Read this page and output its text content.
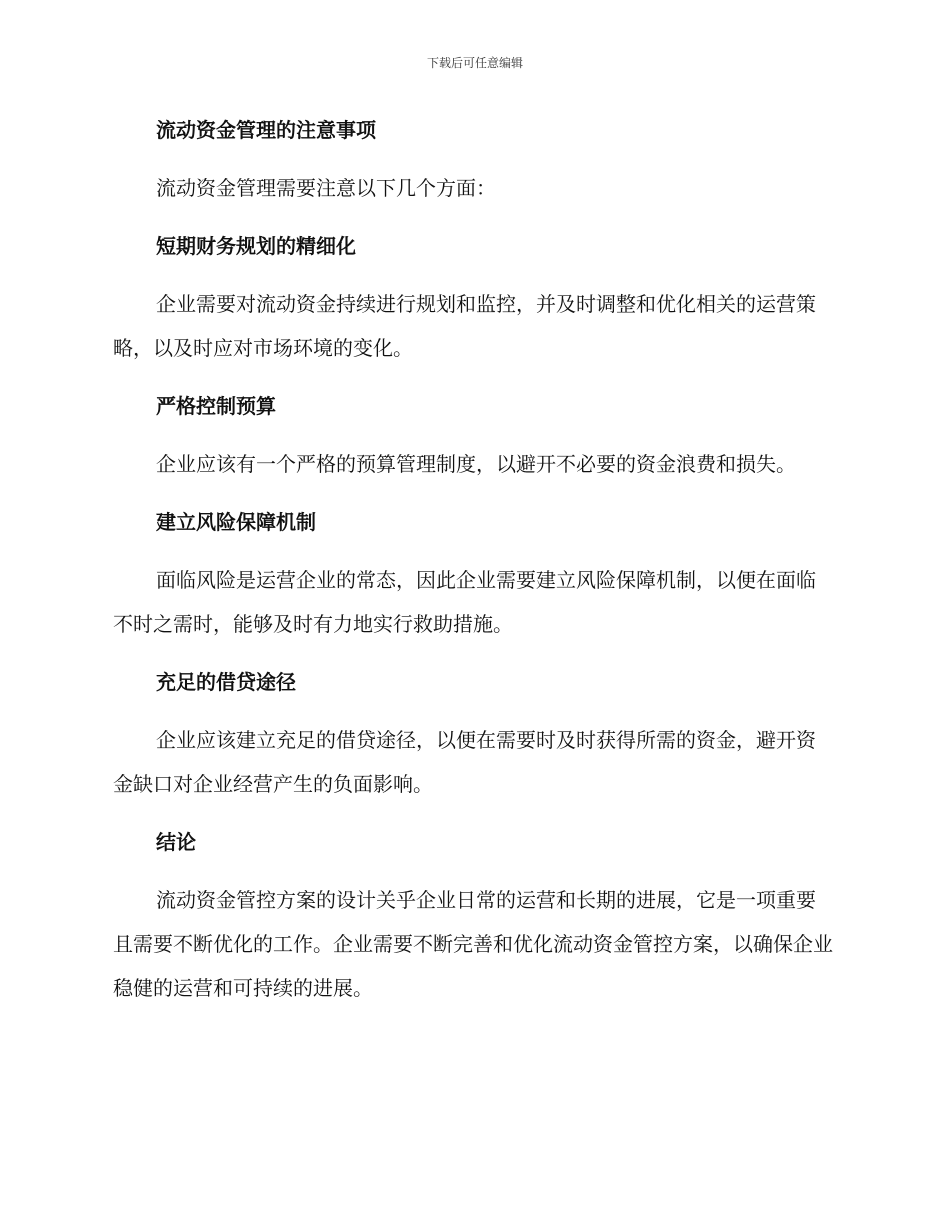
下载后可任意编辑
流动资金管理的注意事项

流动资金管理需要注意以下几个方面：

短期财务规划的精细化

企业需要对流动资金持续进行规划和监控，并及时调整和优化相关的运营策略，以及时应对市场环境的变化。

严格控制预算

企业应该有一个严格的预算管理制度，以避开不必要的资金浪费和损失。

建立风险保障机制

面临风险是运营企业的常态，因此企业需要建立风险保障机制，以便在面临不时之需时，能够及时有力地实行救助措施。

充足的借贷途径

企业应该建立充足的借贷途径，以便在需要时及时获得所需的资金，避开资金缺口对企业经营产生的负面影响。

结论

流动资金管控方案的设计关乎企业日常的运营和长期的进展，它是一项重要且需要不断优化的工作。企业需要不断完善和优化流动资金管控方案，以确保企业稳健的运营和可持续的进展。
